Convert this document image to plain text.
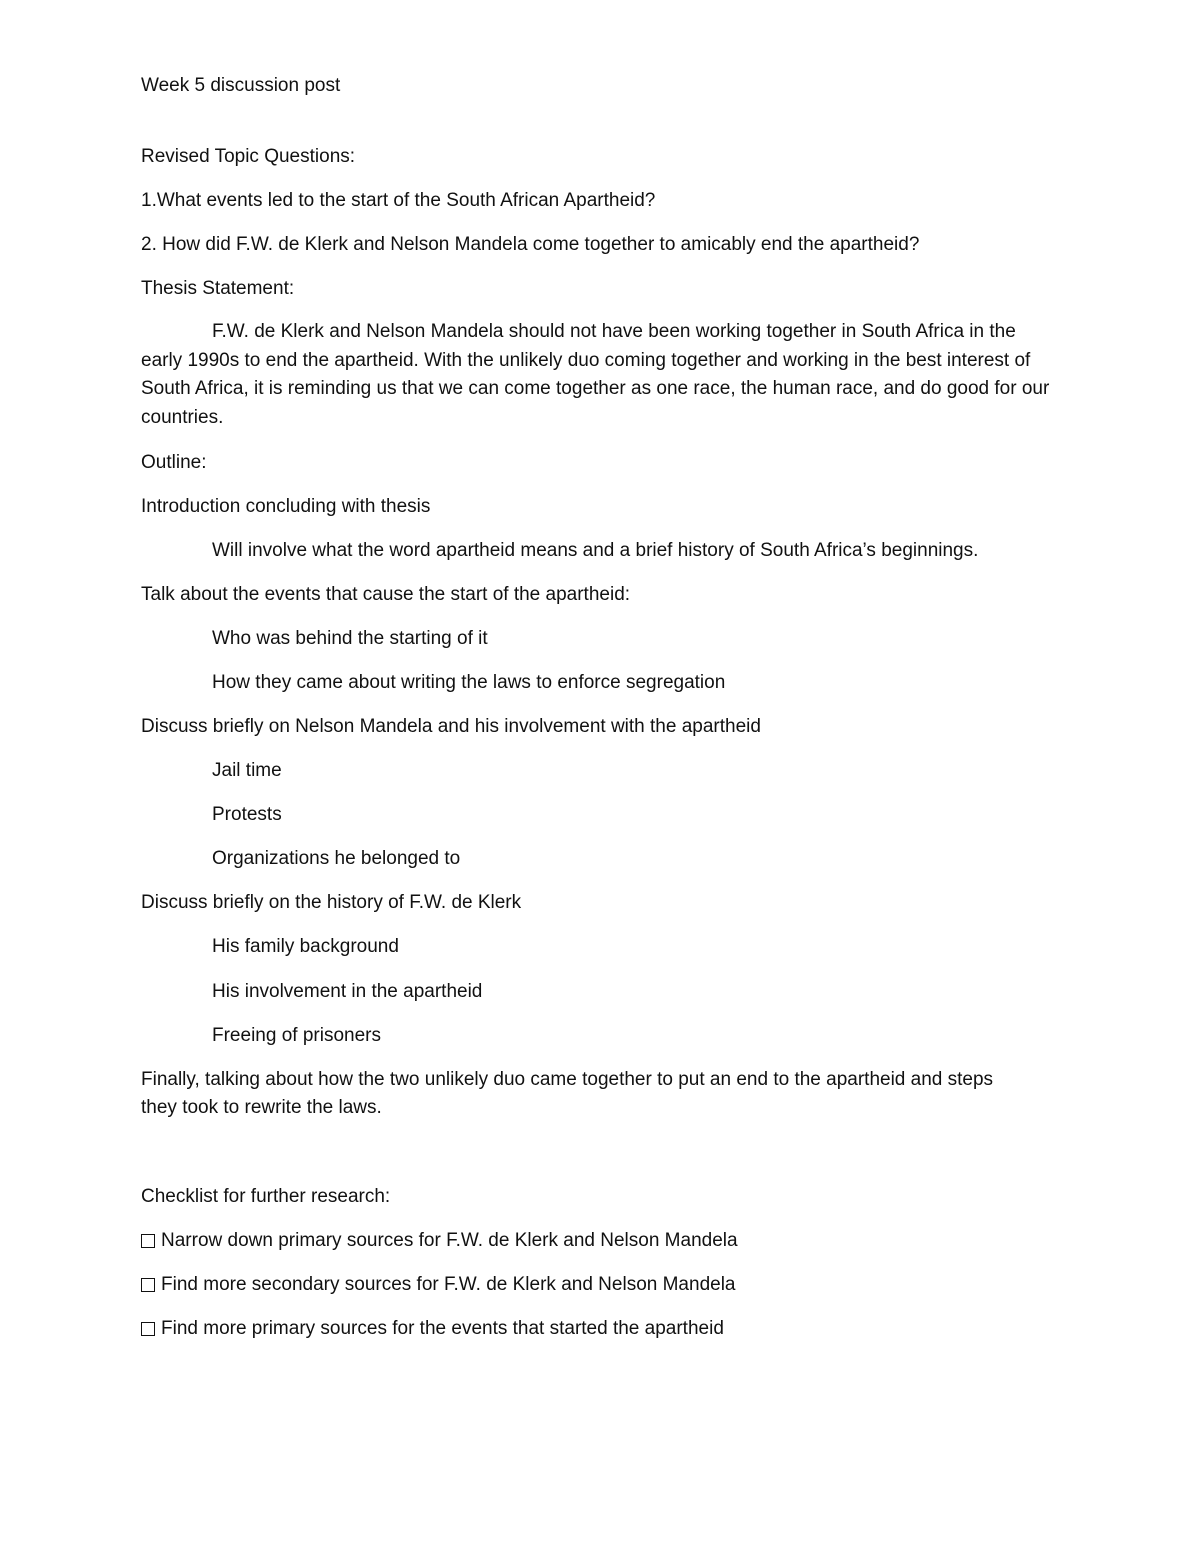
Week 5 discussion post
Revised Topic Questions:
1.What events led to the start of the South African Apartheid?
2. How did F.W. de Klerk and Nelson Mandela come together to amicably end the apartheid?
Thesis Statement:

F.W. de Klerk and Nelson Mandela should not have been working together in South Africa in the early 1990s to end the apartheid. With the unlikely duo coming together and working in the best interest of South Africa, it is reminding us that we can come together as one race, the human race, and do good for our countries.

Outline:
Introduction concluding with thesis
Will involve what the word apartheid means and a brief history of South Africa’s beginnings.
Talk about the events that cause the start of the apartheid:
Who was behind the starting of it
How they came about writing the laws to enforce segregation
Discuss briefly on Nelson Mandela and his involvement with the apartheid
Jail time
Protests
Organizations he belonged to
Discuss briefly on the history of F.W. de Klerk
His family background
His involvement in the apartheid
Freeing of prisoners
Finally, talking about how the two unlikely duo came together to put an end to the apartheid and steps
they took to rewrite the laws.
Checklist for further research:
Narrow down primary sources for F.W. de Klerk and Nelson Mandela
Find more secondary sources for F.W. de Klerk and Nelson Mandela
Find more primary sources for the events that started the apartheid
